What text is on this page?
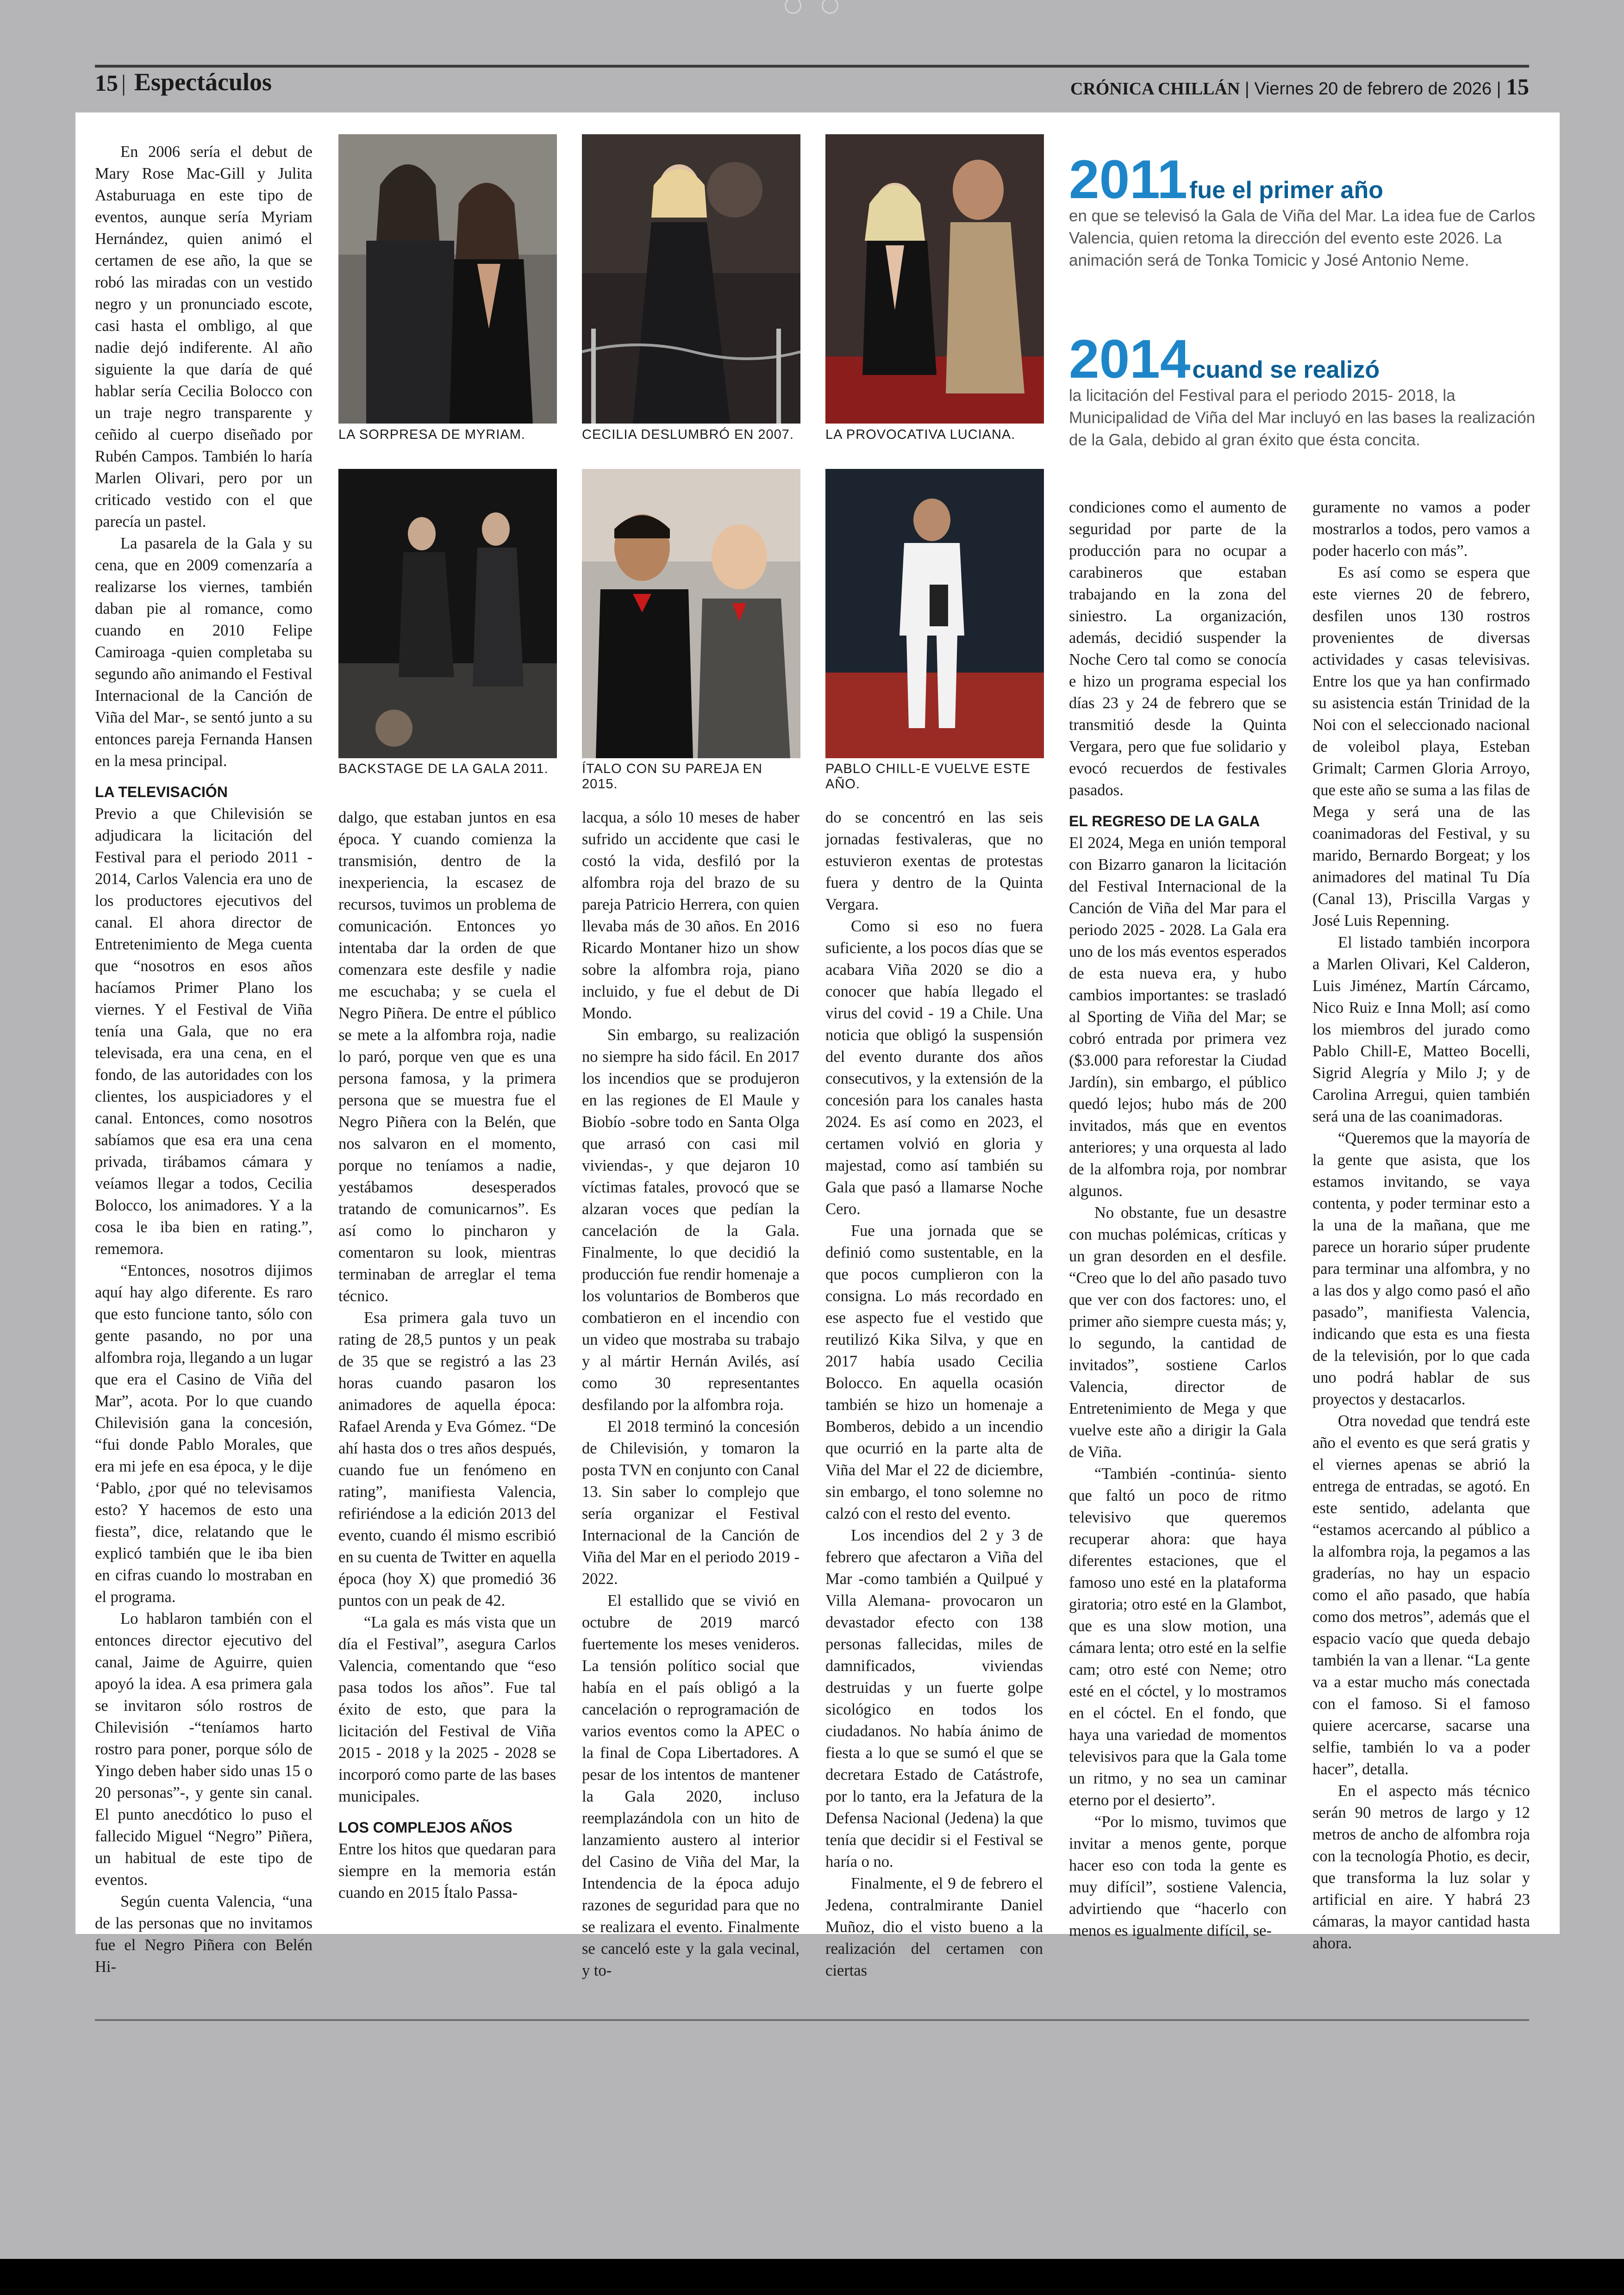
15 | Espectáculos	CRÓNICA CHILLÁN | Viernes 20 de febrero de 2026 | 15

En 2006 sería el debut de Mary Rose Mac-Gill y Julita Astaburuaga en este tipo de eventos, aunque sería Myriam Hernández, quien animó el certamen de ese año, la que se robó las miradas con un vestido negro y un pronunciado escote, casi hasta el ombligo, al que nadie dejó indiferente. Al año siguiente la que daría de qué hablar sería Cecilia Bolocco con un traje negro transparente y ceñido al cuerpo diseñado por Rubén Campos. También lo haría Marlen Olivari, pero por un criticado vestido con el que parecía un pastel.

La pasarela de la Gala y su cena, que en 2009 comenzaría a realizarse los viernes, también daban pie al romance, como cuando en 2010 Felipe Camiroaga -quien completaba su segundo año animando el Festival Internacional de la Canción de Viña del Mar-, se sentó junto a su entonces pareja Fernanda Hansen en la mesa principal.

LA TELEVISACIÓN

Previo a que Chilevisión se adjudicara la licitación del Festival para el periodo 2011 - 2014, Carlos Valencia era uno de los productores ejecutivos del canal. El ahora director de Entretenimiento de Mega cuenta que “nosotros en esos años hacíamos Primer Plano los viernes. Y el Festival de Viña tenía una Gala, que no era televisada, era una cena, en el fondo, de las autoridades con los clientes, los auspiciadores y el canal. Entonces, como nosotros sabíamos que esa era una cena privada, tirábamos cámara y veíamos llegar a todos, Cecilia Bolocco, los animadores. Y a la cosa le iba bien en rating.”, rememora.

“Entonces, nosotros dijimos aquí hay algo diferente. Es raro que esto funcione tanto, sólo con gente pasando, no por una alfombra roja, llegando a un lugar que era el Casino de Viña del Mar”, acota. Por lo que cuando Chilevisión gana la concesión, “fui donde Pablo Morales, que era mi jefe en esa época, y le dije ‘Pablo, ¿por qué no televisamos esto? Y hacemos de esto una fiesta”, dice, relatando que le explicó también que le iba bien en cifras cuando lo mostraban en el programa.

Lo hablaron también con el entonces director ejecutivo del canal, Jaime de Aguirre, quien apoyó la idea. A esa primera gala se invitaron sólo rostros de Chilevisión -“teníamos harto rostro para poner, porque sólo de Yingo deben haber sido unas 15 o 20 personas”-, y gente sin canal. El punto anecdótico lo puso el fallecido Miguel “Negro” Piñera, un habitual de este tipo de eventos.

Según cuenta Valencia, “una de las personas que no invitamos fue el Negro Piñera con Belén Hi-

dalgo, que estaban juntos en esa época. Y cuando comienza la transmisión, dentro de la inexperiencia, la escasez de recursos, tuvimos un problema de comunicación. Entonces yo intentaba dar la orden de que comenzara este desfile y nadie me escuchaba; y se cuela el Negro Piñera. De entre el público se mete a la alfombra roja, nadie lo paró, porque ven que es una persona famosa, y la primera persona que se muestra fue el Negro Piñera con la Belén, que nos salvaron en el momento, porque no teníamos a nadie, yestábamos desesperados tratando de comunicarnos”. Es así como lo pincharon y comentaron su look, mientras terminaban de arreglar el tema técnico.

Esa primera gala tuvo un rating de 28,5 puntos y un peak de 35 que se registró a las 23 horas cuando pasaron los animadores de aquella época: Rafael Arenda y Eva Gómez. “De ahí hasta dos o tres años después, cuando fue un fenómeno en rating”, manifiesta Valencia, refiriéndose a la edición 2013 del evento, cuando él mismo escribió en su cuenta de Twitter en aquella época (hoy X) que promedió 36 puntos con un peak de 42.

“La gala es más vista que un día el Festival”, asegura Carlos Valencia, comentando que “eso pasa todos los años”. Fue tal éxito de esto, que para la licitación del Festival de Viña 2015 - 2018 y la 2025 - 2028 se incorporó como parte de las bases municipales.

LOS COMPLEJOS AÑOS

Entre los hitos que quedaran para siempre en la memoria están cuando en 2015 Ítalo Passa-

lacqua, a sólo 10 meses de haber sufrido un accidente que casi le costó la vida, desfiló por la alfombra roja del brazo de su pareja Patricio Herrera, con quien llevaba más de 30 años. En 2016 Ricardo Montaner hizo un show sobre la alfombra roja, piano incluido, y fue el debut de Di Mondo.

Sin embargo, su realización no siempre ha sido fácil. En 2017 los incendios que se produjeron en las regiones de El Maule y Biobío -sobre todo en Santa Olga que arrasó con casi mil viviendas-, y que dejaron 10 víctimas fatales, provocó que se alzaran voces que pedían la cancelación de la Gala. Finalmente, lo que decidió la producción fue rendir homenaje a los voluntarios de Bomberos que combatieron en el incendio con un video que mostraba su trabajo y al mártir Hernán Avilés, así como 30 representantes desfilando por la alfombra roja.

El 2018 terminó la concesión de Chilevisión, y tomaron la posta TVN en conjunto con Canal 13. Sin saber lo complejo que sería organizar el Festival Internacional de la Canción de Viña del Mar en el periodo 2019 - 2022.

El estallido que se vivió en octubre de 2019 marcó fuertemente los meses venideros. La tensión político social que había en el país obligó a la cancelación o reprogramación de varios eventos como la APEC o la final de Copa Libertadores. A pesar de los intentos de mantener la Gala 2020, incluso reemplazándola con un hito de lanzamiento austero al interior del Casino de Viña del Mar, la Intendencia de la época adujo razones de seguridad para que no se realizara el evento. Finalmente se canceló este y la gala vecinal, y to-

do se concentró en las seis jornadas festivaleras, que no estuvieron exentas de protestas fuera y dentro de la Quinta Vergara.

Como si eso no fuera suficiente, a los pocos días que se acabara Viña 2020 se dio a conocer que había llegado el virus del covid - 19 a Chile. Una noticia que obligó la suspensión del evento durante dos años consecutivos, y la extensión de la concesión para los canales hasta 2024. Es así como en 2023, el certamen volvió en gloria y majestad, como así también su Gala que pasó a llamarse Noche Cero.

Fue una jornada que se definió como sustentable, en la que pocos cumplieron con la consigna. Lo más recordado en ese aspecto fue el vestido que reutilizó Kika Silva, y que en 2017 había usado Cecilia Bolocco. En aquella ocasión también se hizo un homenaje a Bomberos, debido a un incendio que ocurrió en la parte alta de Viña del Mar el 22 de diciembre, sin embargo, el tono solemne no calzó con el resto del evento.

Los incendios del 2 y 3 de febrero que afectaron a Viña del Mar -como también a Quilpué y Villa Alemana- provocaron un devastador efecto con 138 personas fallecidas, miles de damnificados, viviendas destruidas y un fuerte golpe sicológico en todos los ciudadanos. No había ánimo de fiesta a lo que se sumó el que se decretara Estado de Catástrofe, por lo tanto, era la Jefatura de la Defensa Nacional (Jedena) la que tenía que decidir si el Festival se haría o no.

Finalmente, el 9 de febrero el Jedena, contralmirante Daniel Muñoz, dio el visto bueno a la realización del certamen con ciertas

condiciones como el aumento de seguridad por parte de la producción para no ocupar a carabineros que estaban trabajando en la zona del siniestro. La organización, además, decidió suspender la Noche Cero tal como se conocía e hizo un programa especial los días 23 y 24 de febrero que se transmitió desde la Quinta Vergara, pero que fue solidario y evocó recuerdos de festivales pasados.

EL REGRESO DE LA GALA

El 2024, Mega en unión temporal con Bizarro ganaron la licitación del Festival Internacional de la Canción de Viña del Mar para el periodo 2025 - 2028. La Gala era uno de los más eventos esperados de esta nueva era, y hubo cambios importantes: se trasladó al Sporting de Viña del Mar; se cobró entrada por primera vez ($3.000 para reforestar la Ciudad Jardín), sin embargo, el público quedó lejos; hubo más de 200 invitados, más que en eventos anteriores; y una orquesta al lado de la alfombra roja, por nombrar algunos.

No obstante, fue un desastre con muchas polémicas, críticas y un gran desorden en el desfile. “Creo que lo del año pasado tuvo que ver con dos factores: uno, el primer año siempre cuesta más; y, lo segundo, la cantidad de invitados”, sostiene Carlos Valencia, director de Entretenimiento de Mega y que vuelve este año a dirigir la Gala de Viña.

“También -continúa- siento que faltó un poco de ritmo televisivo que queremos recuperar ahora: que haya diferentes estaciones, que el famoso uno esté en la plataforma giratoria; otro esté en la Glambot, que es una slow motion, una cámara lenta; otro esté en la selfie cam; otro esté con Neme; otro esté en el cóctel, y lo mostramos en el cóctel. En el fondo, que haya una variedad de momentos televisivos para que la Gala tome un ritmo, y no sea un caminar eterno por el desierto”.

“Por lo mismo, tuvimos que invitar a menos gente, porque hacer eso con toda la gente es muy difícil”, sostiene Valencia, advirtiendo que “hacerlo con menos es igualmente difícil, se-

guramente no vamos a poder mostrarlos a todos, pero vamos a poder hacerlo con más”.

Es así como se espera que este viernes 20 de febrero, desfilen unos 130 rostros provenientes de diversas actividades y casas televisivas. Entre los que ya han confirmado su asistencia están Trinidad de la Noi con el seleccionado nacional de voleibol playa, Esteban Grimalt; Carmen Gloria Arroyo, que este año se suma a las filas de Mega y será una de las coanimadoras del Festival, y su marido, Bernardo Borgeat; y los animadores del matinal Tu Día (Canal 13), Priscilla Vargas y José Luis Repenning.

El listado también incorpora a Marlen Olivari, Kel Calderon, Luis Jiménez, Martín Cárcamo, Nico Ruiz e Inna Moll; así como los miembros del jurado como Pablo Chill-E, Matteo Bocelli, Sigrid Alegría y Milo J; y de Carolina Arregui, quien también será una de las coanimadoras.

“Queremos que la mayoría de la gente que asista, que los estamos invitando, se vaya contenta, y poder terminar esto a la una de la mañana, que me parece un horario súper prudente para terminar una alfombra, y no a las dos y algo como pasó el año pasado”, manifiesta Valencia, indicando que esta es una fiesta de la televisión, por lo que cada uno podrá hablar de sus proyectos y destacarlos.

Otra novedad que tendrá este año el evento es que será gratis y el viernes apenas se abrió la entrega de entradas, se agotó. En este sentido, adelanta que “estamos acercando al público a la alfombra roja, la pegamos a las graderías, no hay un espacio como el año pasado, que había como dos metros”, además que el espacio vacío que queda debajo también la van a llenar. “La gente va a estar mucho más conectada con el famoso. Si el famoso quiere acercarse, sacarse una selfie, también lo va a poder hacer”, detalla.

En el aspecto más técnico serán 90 metros de largo y 12 metros de ancho de alfombra roja con la tecnología Photio, es decir, que transforma la luz solar y artificial en aire. Y habrá 23 cámaras, la mayor cantidad hasta ahora.

LA SORPRESA DE MYRIAM.	CECILIA DESLUMBRÓ EN 2007.	LA PROVOCATIVA LUCIANA.
BACKSTAGE DE LA GALA 2011.	ÍTALO CON SU PAREJA EN 2015.
PABLO CHILL-E VUELVE ESTE AÑO.
2011 fue el primer año
en que se televisó la Gala de Viña del Mar. La idea fue de Carlos Valencia, quien retoma la dirección del evento este 2026. La animación será de Tonka Tomicic y José Antonio Neme.
2014 cuand se realizó
la licitación del Festival para el periodo 2015- 2018, la Municipalidad de Viña del Mar incluyó en las bases la realización de la Gala, debido al gran éxito que ésta concita.
